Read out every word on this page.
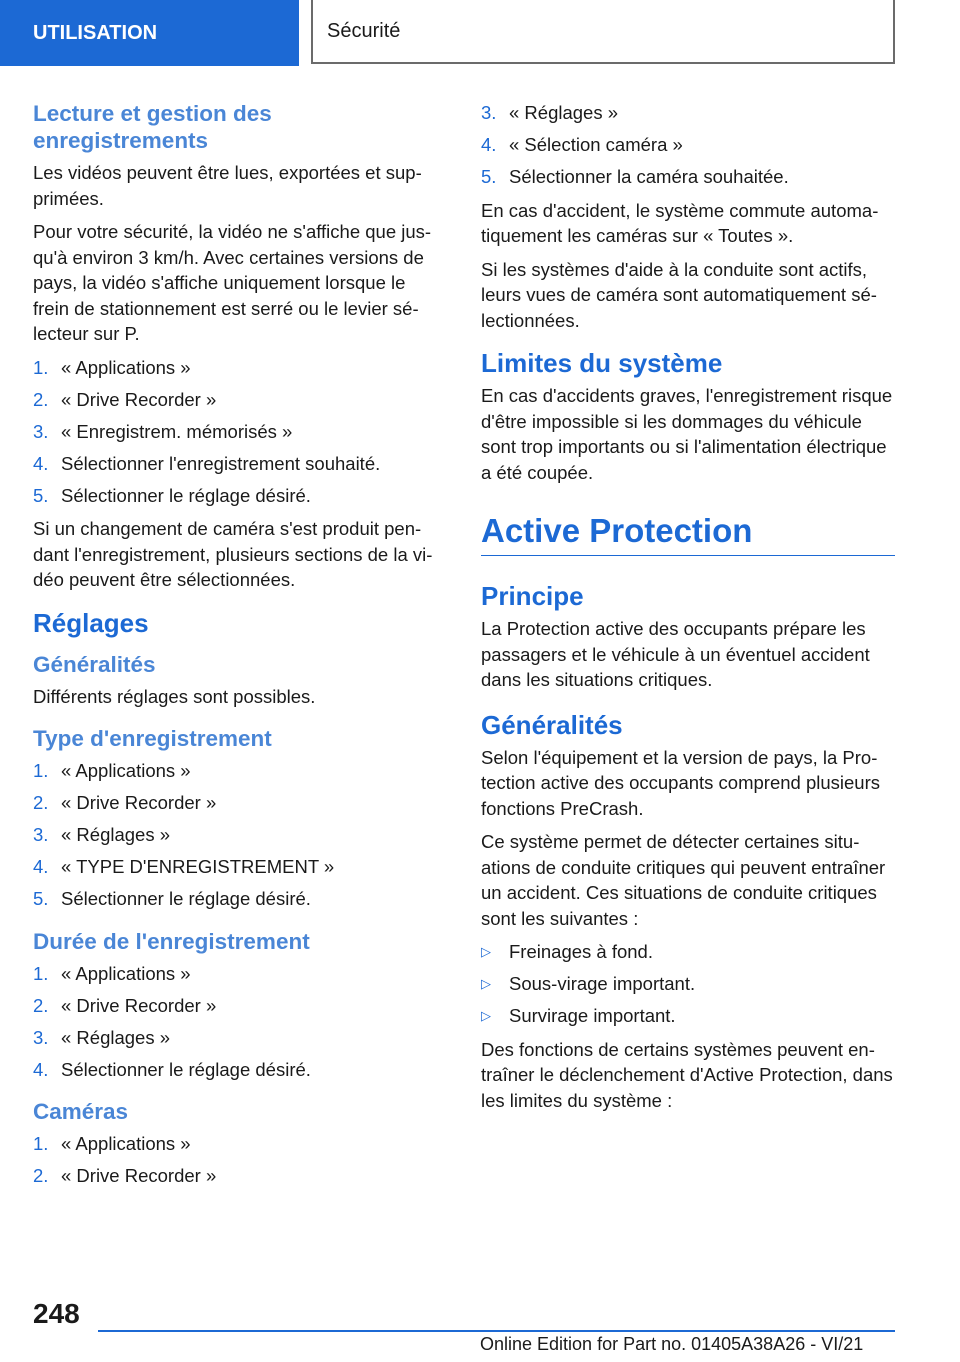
UTILISATION	Sécurité
Lecture et gestion des enregistrements

Les vidéos peuvent être lues, exportées et supprimées.

Pour votre sécurité, la vidéo ne s'affiche que jusqu'à environ 3 km/h. Avec certaines versions de pays, la vidéo s'affiche uniquement lorsque le frein de stationnement est serré ou le levier sélecteur sur P.

1. « Applications »
2. « Drive Recorder »
3. « Enregistrem. mémorisés »
4. Sélectionner l'enregistrement souhaité.
5. Sélectionner le réglage désiré.

Si un changement de caméra s'est produit pendant l'enregistrement, plusieurs sections de la vidéo peuvent être sélectionnées.

Réglages
Généralités

Différents réglages sont possibles.

Type d'enregistrement
1. « Applications »
2. « Drive Recorder »
3. « Réglages »
4. « TYPE D'ENREGISTREMENT »
5. Sélectionner le réglage désiré.
Durée de l'enregistrement
1. « Applications »
2. « Drive Recorder »
3. « Réglages »
4. Sélectionner le réglage désiré.
Caméras
1. « Applications »
2. « Drive Recorder »
3. « Réglages »
4. « Sélection caméra »
5. Sélectionner la caméra souhaitée.

En cas d'accident, le système commute automatiquement les caméras sur « Toutes ».

Si les systèmes d'aide à la conduite sont actifs, leurs vues de caméra sont automatiquement sélectionnées.

Limites du système

En cas d'accidents graves, l'enregistrement risque d'être impossible si les dommages du véhicule sont trop importants ou si l'alimentation électrique a été coupée.

Active Protection
Principe

La Protection active des occupants prépare les passagers et le véhicule à un éventuel accident dans les situations critiques.

Généralités

Selon l'équipement et la version de pays, la Protection active des occupants comprend plusieurs fonctions PreCrash.

Ce système permet de détecter certaines situations de conduite critiques qui peuvent entraîner un accident. Ces situations de conduite critiques sont les suivantes :

▷ Freinages à fond.
▷ Sous-virage important.
▷ Survirage important.

Des fonctions de certains systèmes peuvent entraîner le déclenchement d'Active Protection, dans les limites du système :

248
Online Edition for Part no. 01405A38A26 - VI/21
